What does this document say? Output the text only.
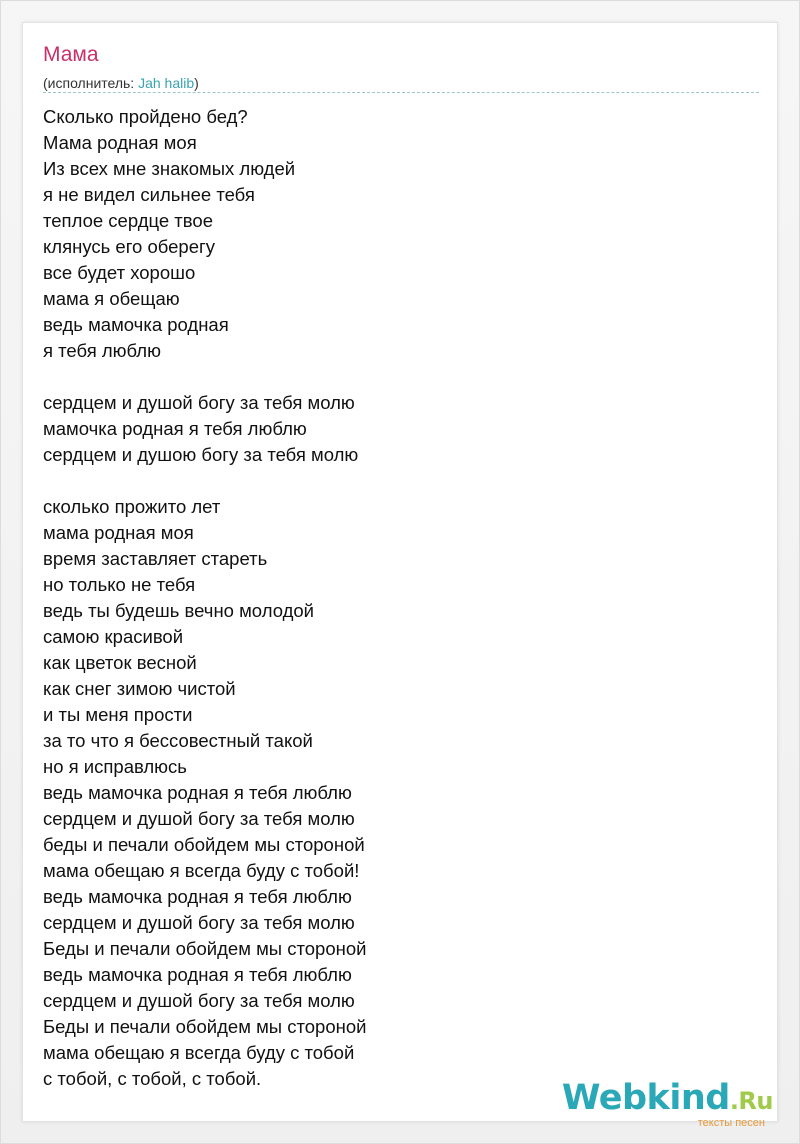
Мама
(исполнитель: Jah halib)
Сколько пройдено бед?
Мама родная моя
Из всех мне знакомых людей
я не видел сильнее тебя
теплое сердце твое
клянусь его оберегу
все будет хорошо
мама я обещаю
ведь мамочка родная
я тебя люблю
сердцем и душой богу за тебя молю
мамочка родная я тебя люблю
сердцем и душою богу за тебя молю
сколько прожито лет
мама родная моя
время заставляет стареть
но только не тебя
ведь ты будешь вечно молодой
самою красивой
как цветок весной
как снег зимою чистой
и ты меня прости
за то что я бессовестный такой
но я исправлюсь
ведь мамочка родная я тебя люблю
сердцем и душой богу за тебя молю
беды и печали обойдем мы стороной
мама обещаю я всегда буду с тобой!
ведь мамочка родная я тебя люблю
сердцем и душой богу за тебя молю
Беды и печали обойдем мы стороной
ведь мамочка родная я тебя люблю
сердцем и душой богу за тебя молю
Беды и печали обойдем мы стороной
мама обещаю я всегда буду с тобой
с тобой, с тобой, с тобой.	Webkind.Ru
тексты песен
